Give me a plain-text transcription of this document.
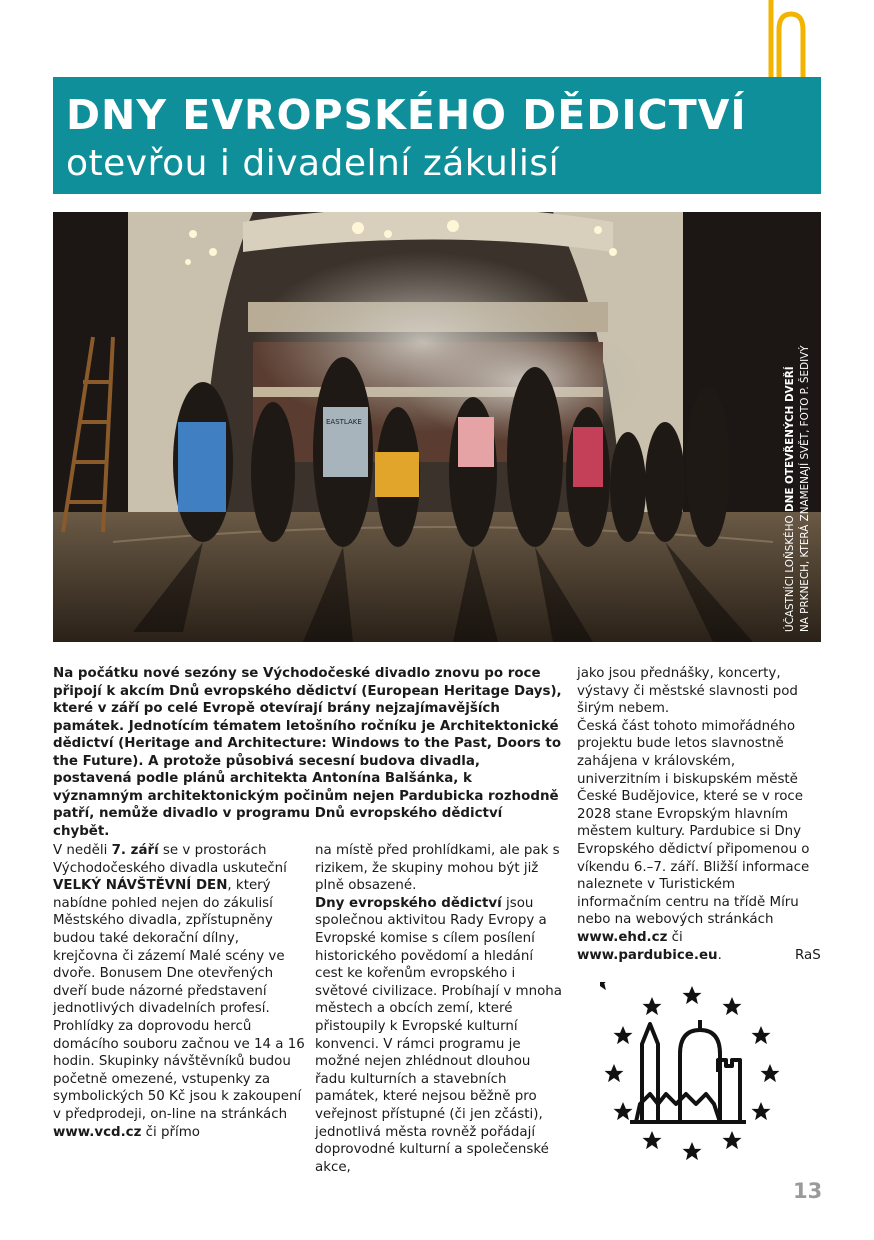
DNY EVROPSKÉHO DĚDICTVÍ
otevřou i divadelní zákulisí
EASTLAKE
ÚČASTNÍCI LOŇSKÉHO DNE OTEVŘENÝCH DVEŘÍ NA PRKNECH, KTERÁ ZNAMENAJÍ SVĚT, FOTO P. ŠEDIVÝ
Na počátku nové sezóny se Východočeské divadlo znovu po roce připojí k akcím Dnů evropského dědictví (European Heritage Days), které v září po celé Evropě otevírají brány nejzajímavějších památek. Jednotícím tématem letošního ročníku je Architektonické dědictví (Heritage and Architecture: Windows to the Past, Doors to the Future). A protože působivá secesní budova divadla, postavená podle plánů architekta Antonína Balšánka, k významným architektonickým počinům nejen Pardubicka rozhodně patří, nemůže divadlo v programu Dnů evropského dědictví chybět.
V neděli 7. září se v prostorách Východočeského divadla uskuteční VELKÝ NÁVŠTĚVNÍ DEN, který nabídne pohled nejen do zákulisí Městského divadla, zpřístupněny budou také dekorační dílny, krejčovna či zázemí Malé scény ve dvoře. Bonusem Dne otevřených dveří bude názorné představení jednotlivých divadelních profesí. Prohlídky za doprovodu herců domácího souboru začnou ve 14 a 16 hodin. Skupinky návštěvníků budou početně omezené, vstupenky za symbolických 50 Kč jsou k zakoupení v předprodeji, on-line na stránkách www.vcd.cz či přímo
na místě před prohlídkami, ale pak s rizikem, že skupiny mohou být již plně obsazené.
Dny evropského dědictví jsou společnou aktivitou Rady Evropy a Evropské komise s cílem posílení historického povědomí a hledání cest ke kořenům evropského i světové civilizace. Probíhají v mnoha městech a obcích zemí, které přistoupily k Evropské kulturní konvenci. V rámci programu je možné nejen zhlédnout dlouhou řadu kulturních a stavebních památek, které nejsou běžně pro veřejnost přístupné (či jen zčásti), jednotlivá města rovněž pořádají doprovodné kulturní a společenské akce,
jako jsou přednášky, koncerty, výstavy či městské slavnosti pod širým nebem.
Česká část tohoto mimořádného projektu bude letos slavnostně zahájena v královském, univerzitním i biskupském městě České Budějovice, které se v roce 2028 stane Evropským hlavním městem kultury. Pardubice si Dny Evropského dědictví připomenou o víkendu 6.–7. září. Bližší informace naleznete v Turistickém informačním centru na třídě Míru nebo na webových stránkách www.ehd.cz či www.pardubice.eu.	RaS
13
